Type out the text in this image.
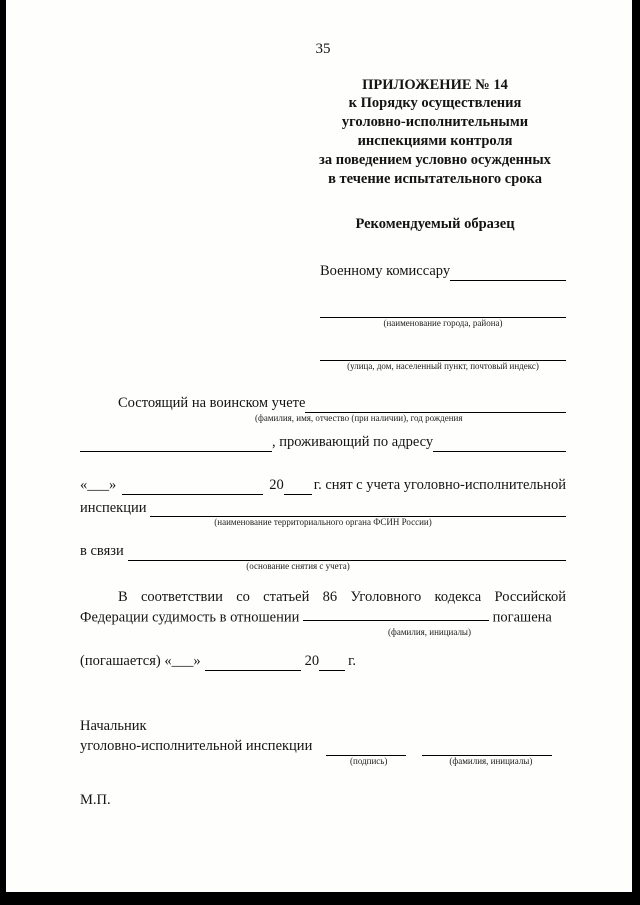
35
ПРИЛОЖЕНИЕ № 14
к Порядку осуществления
уголовно-исполнительными
инспекциями контроля
за поведением условно осужденных
в течение испытательного срока
Рекомендуемый образец
Военному комиссару
(наименование города, района)
(улица, дом, населенный пункт, почтовый индекс)
Состоящий на воинском учете
(фамилия, имя, отчество (при наличии), год рождения
, проживающий по адресу
«___»	20 г. снят с учета уголовно-исполнительной
инспекции
(наименование территориального органа ФСИН России)
в связи
(основание снятия с учета)
В соответствии со статьей 86 Уголовного кодекса Российской Федерации судимость в отношении	погашена
(фамилия, инициалы)
(погашается) «___»	20 г.
Начальник
уголовно-исполнительной инспекции
(подпись)	(фамилия, инициалы)
М.П.
